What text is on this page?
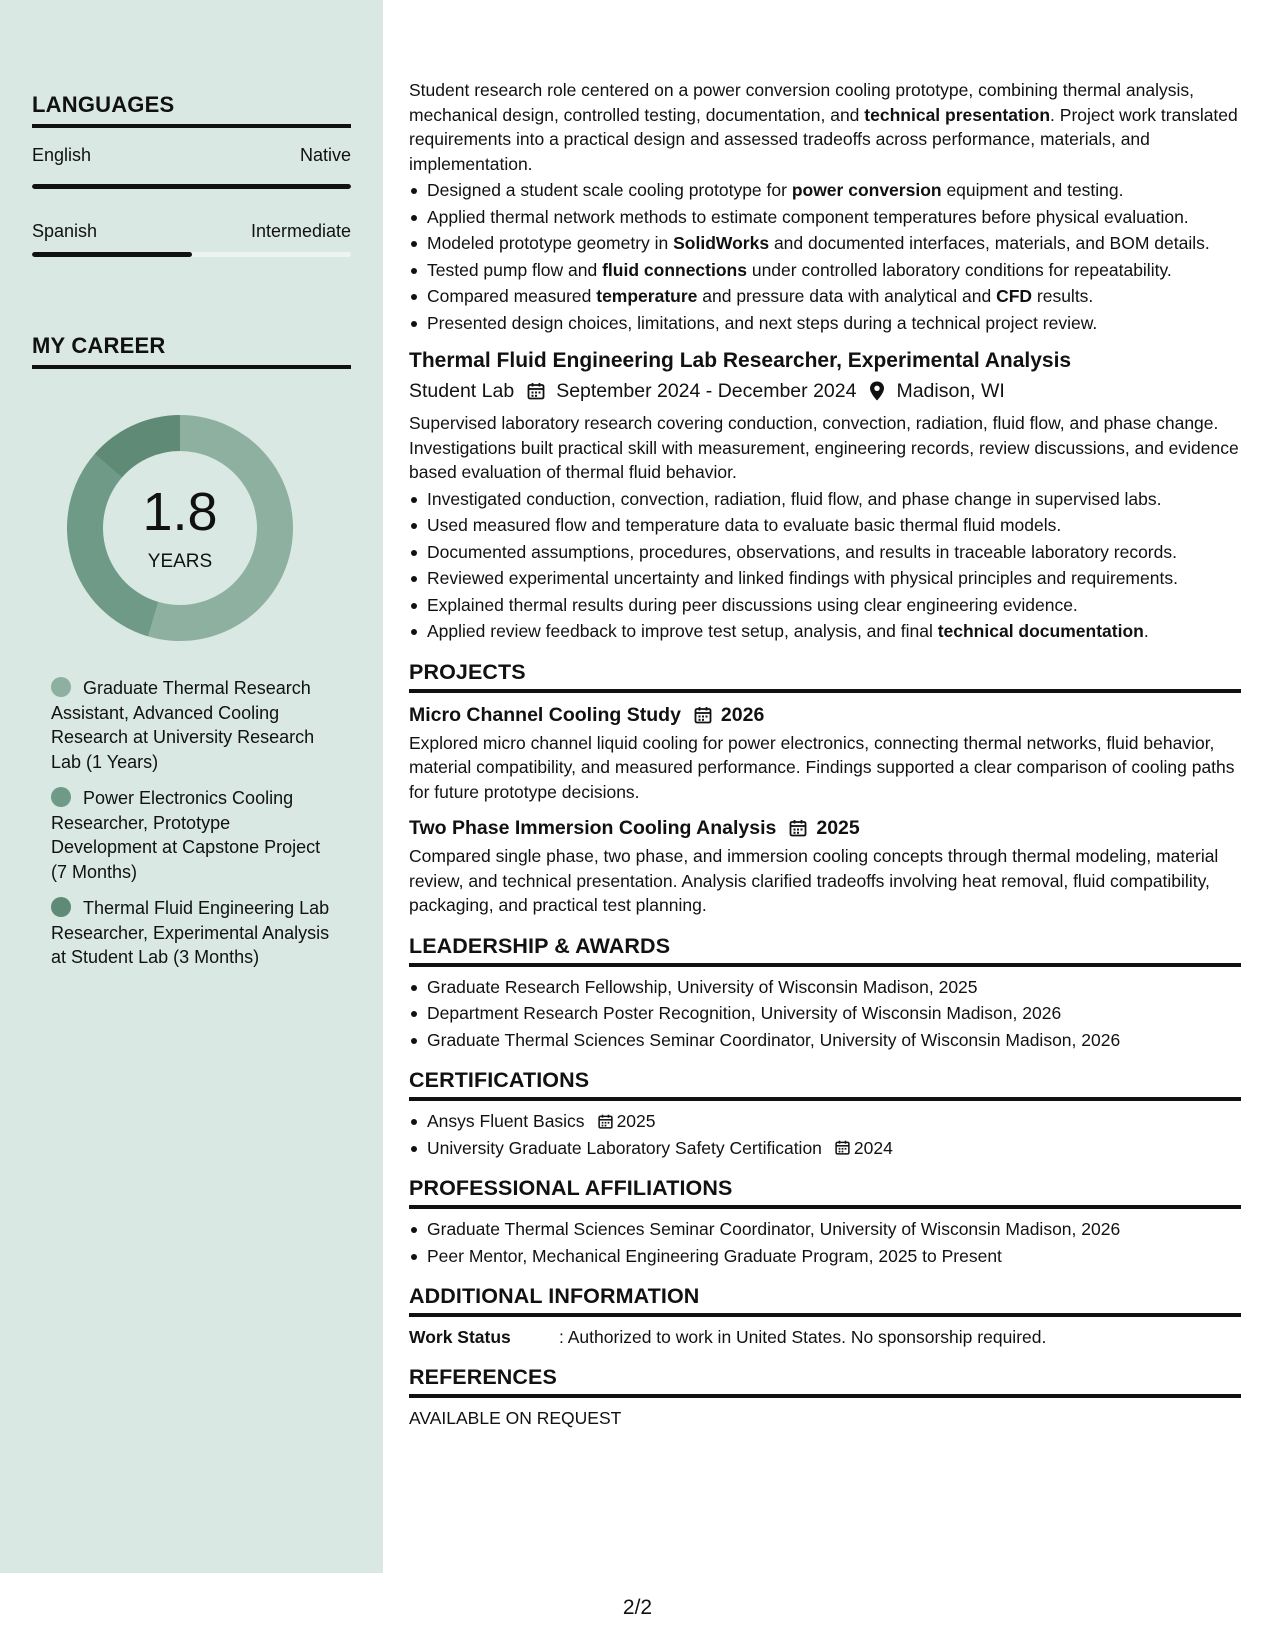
LANGUAGES
English	Native
Spanish	Intermediate
MY CAREER
1.8
YEARS
Graduate Thermal Research Assistant, Advanced Cooling Research at University Research Lab (1 Years)
Power Electronics Cooling Researcher, Prototype Development at Capstone Project (7 Months)
Thermal Fluid Engineering Lab Researcher, Experimental Analysis at Student Lab (3 Months)

Student research role centered on a power conversion cooling prototype, combining thermal analysis, mechanical design, controlled testing, documentation, and technical presentation. Project work translated requirements into a practical design and assessed tradeoffs across performance, materials, and implementation.

Designed a student scale cooling prototype for power conversion equipment and testing.
Applied thermal network methods to estimate component temperatures before physical evaluation.
Modeled prototype geometry in SolidWorks and documented interfaces, materials, and BOM details.
Tested pump flow and fluid connections under controlled laboratory conditions for repeatability.
Compared measured temperature and pressure data with analytical and CFD results.
Presented design choices, limitations, and next steps during a technical project review.
Thermal Fluid Engineering Lab Researcher, Experimental Analysis
Student Lab September 2024 - December 2024 Madison, WI

Supervised laboratory research covering conduction, convection, radiation, fluid flow, and phase change. Investigations built practical skill with measurement, engineering records, review discussions, and evidence based evaluation of thermal fluid behavior.

Investigated conduction, convection, radiation, fluid flow, and phase change in supervised labs.
Used measured flow and temperature data to evaluate basic thermal fluid models.
Documented assumptions, procedures, observations, and results in traceable laboratory records.
Reviewed experimental uncertainty and linked findings with physical principles and requirements.
Explained thermal results during peer discussions using clear engineering evidence.
Applied review feedback to improve test setup, analysis, and final technical documentation.
PROJECTS
Micro Channel Cooling Study 2026

Explored micro channel liquid cooling for power electronics, connecting thermal networks, fluid behavior, material compatibility, and measured performance. Findings supported a clear comparison of cooling paths for future prototype decisions.

Two Phase Immersion Cooling Analysis 2025

Compared single phase, two phase, and immersion cooling concepts through thermal modeling, material review, and technical presentation. Analysis clarified tradeoffs involving heat removal, fluid compatibility, packaging, and practical test planning.

LEADERSHIP & AWARDS
Graduate Research Fellowship, University of Wisconsin Madison, 2025
Department Research Poster Recognition, University of Wisconsin Madison, 2026
Graduate Thermal Sciences Seminar Coordinator, University of Wisconsin Madison, 2026
CERTIFICATIONS
Ansys Fluent Basics 2025
University Graduate Laboratory Safety Certification 2024
PROFESSIONAL AFFILIATIONS
Graduate Thermal Sciences Seminar Coordinator, University of Wisconsin Madison, 2026
Peer Mentor, Mechanical Engineering Graduate Program, 2025 to Present
ADDITIONAL INFORMATION
Work Status	: Authorized to work in United States. No sponsorship required.
REFERENCES

AVAILABLE ON REQUEST

2/2
